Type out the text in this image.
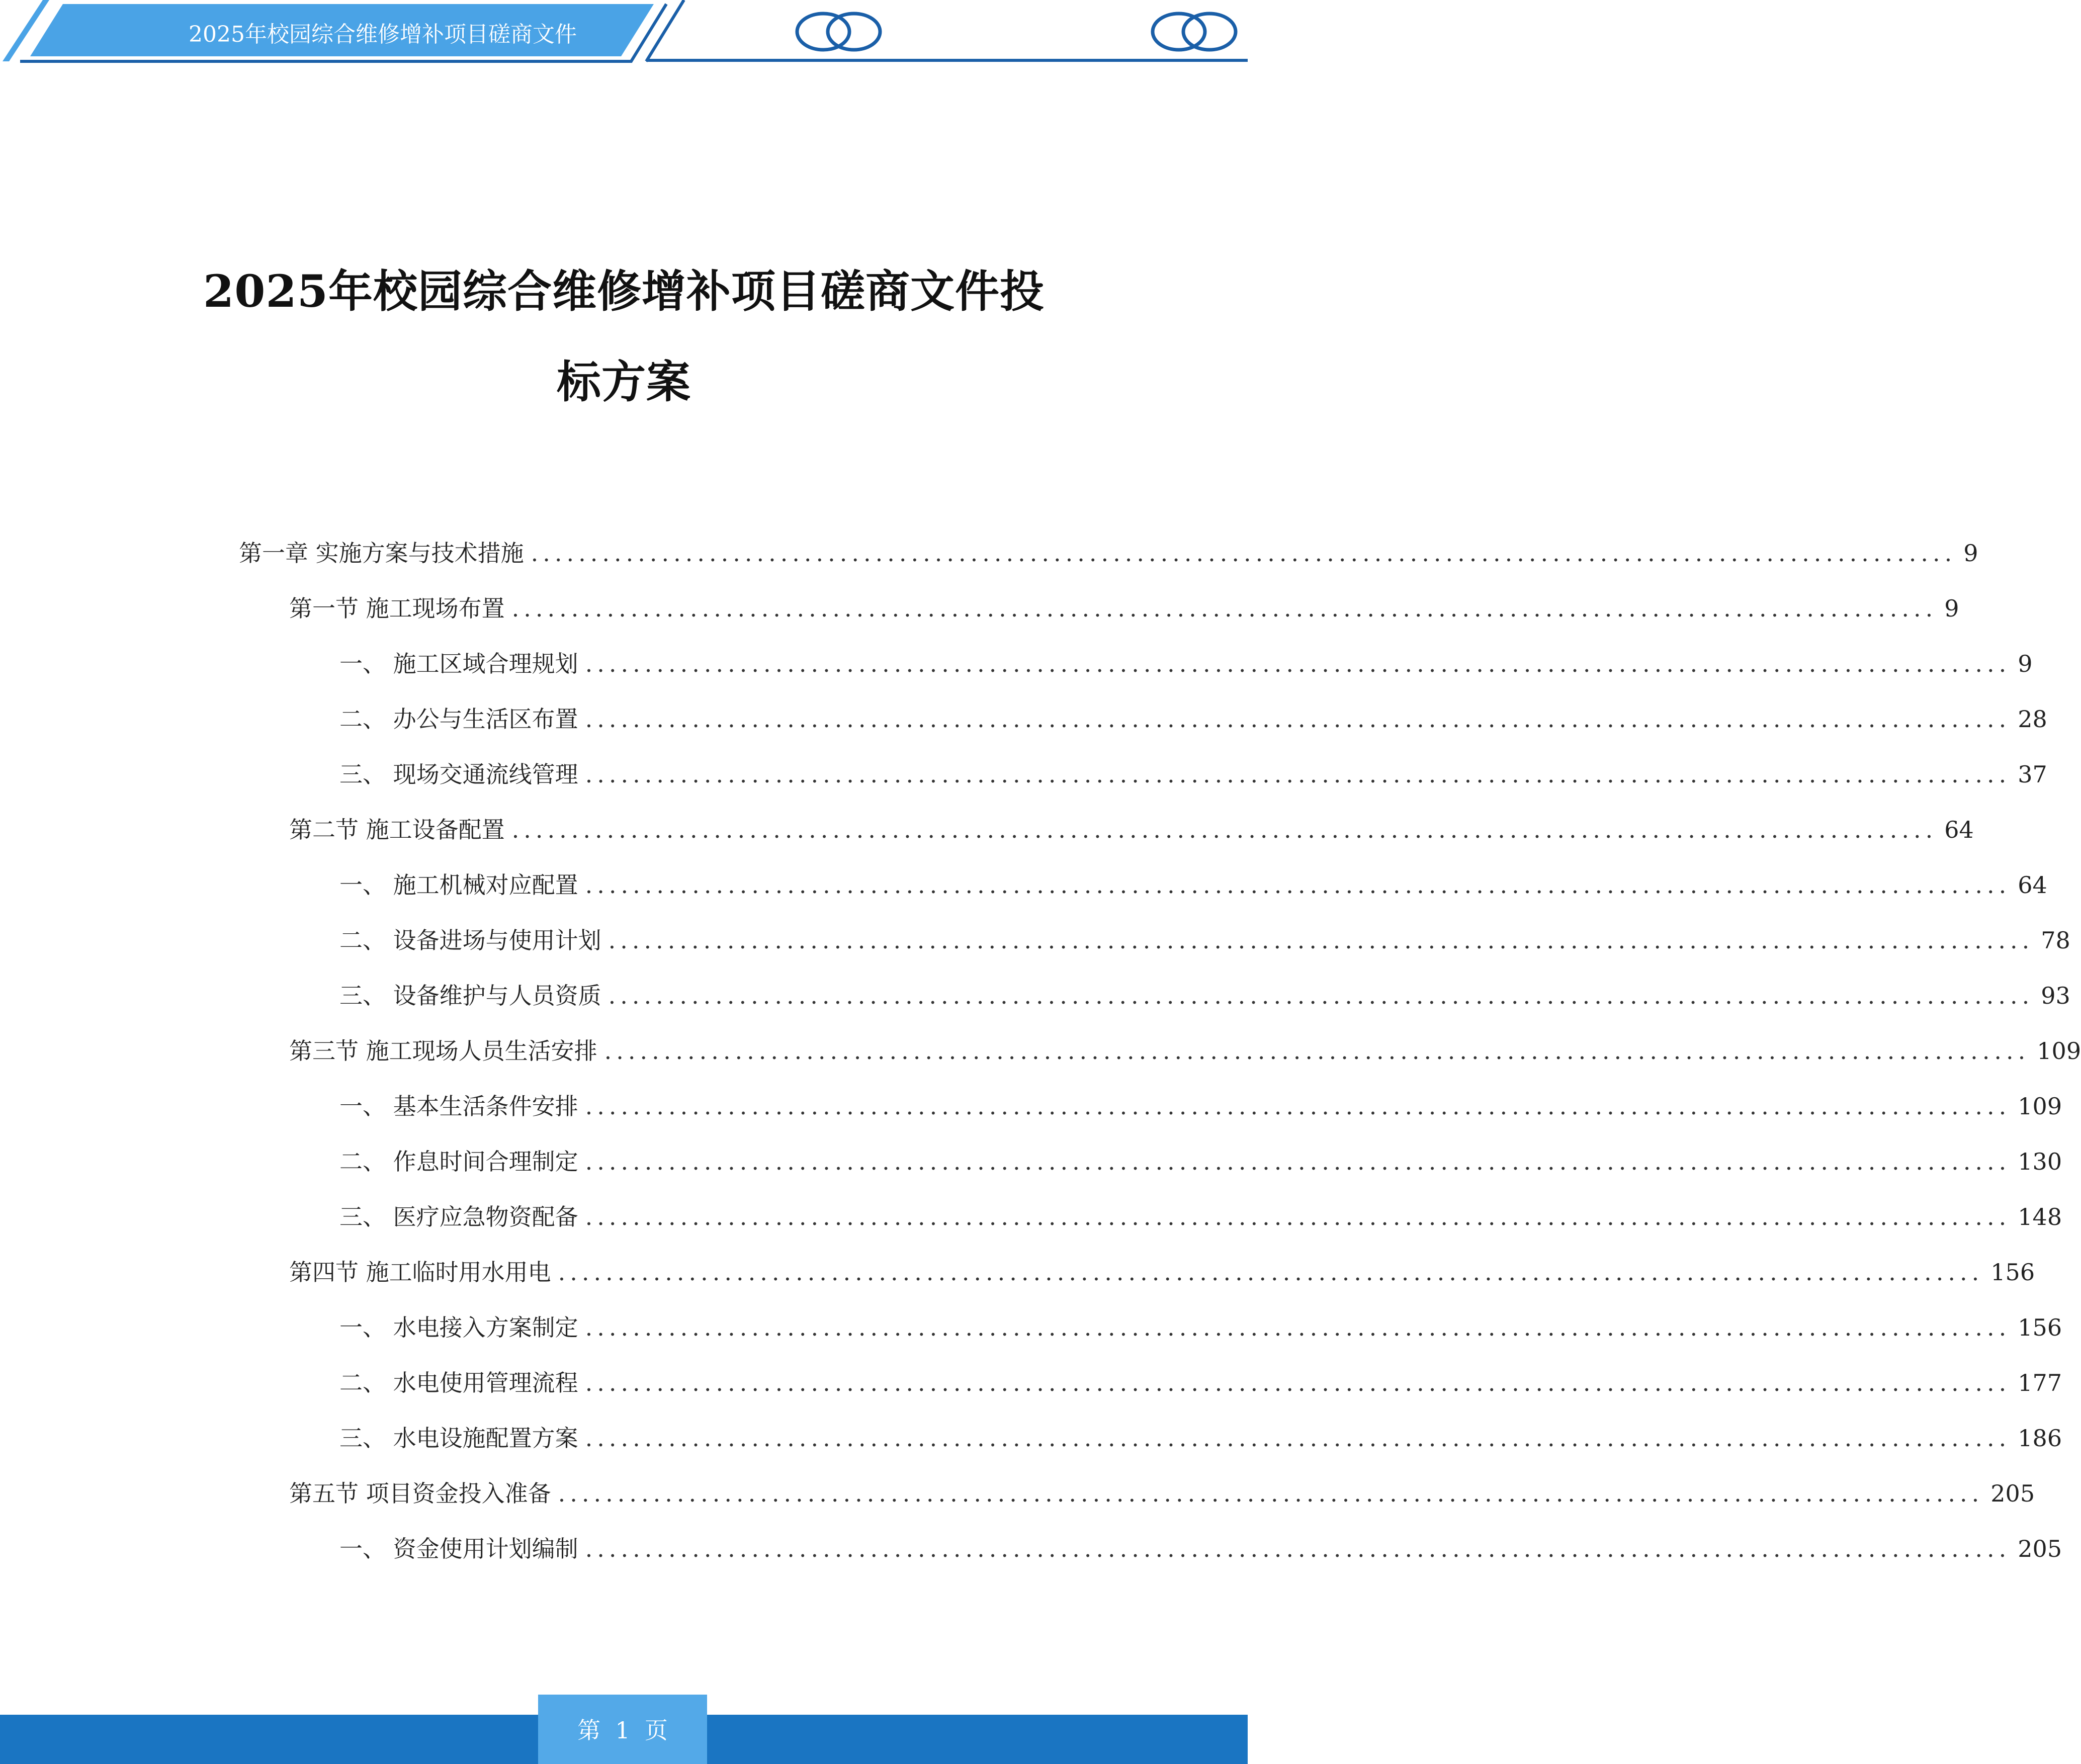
2025年校园综合维修增补项目磋商文件
2025年校园综合维修增补项目磋商文件投
标方案
第一章 实施方案与技术措施 ........................................................................................................................ 9
第一节 施工现场布置 ........................................................................................................................ 9
一、 施工区域合理规划 ........................................................................................................................ 9
二、 办公与生活区布置 ........................................................................................................................ 28
三、 现场交通流线管理 ........................................................................................................................ 37
第二节 施工设备配置 ........................................................................................................................ 64
一、 施工机械对应配置 ........................................................................................................................ 64
二、 设备进场与使用计划 ........................................................................................................................ 78
三、 设备维护与人员资质 ........................................................................................................................ 93
第三节 施工现场人员生活安排 ........................................................................................................................ 109
一、 基本生活条件安排 ........................................................................................................................ 109
二、 作息时间合理制定 ........................................................................................................................ 130
三、 医疗应急物资配备 ........................................................................................................................ 148
第四节 施工临时用水用电 ........................................................................................................................ 156
一、 水电接入方案制定 ........................................................................................................................ 156
二、 水电使用管理流程 ........................................................................................................................ 177
三、 水电设施配置方案 ........................................................................................................................ 186
第五节 项目资金投入准备 ........................................................................................................................ 205
一、 资金使用计划编制 ........................................................................................................................ 205
第  1  页
